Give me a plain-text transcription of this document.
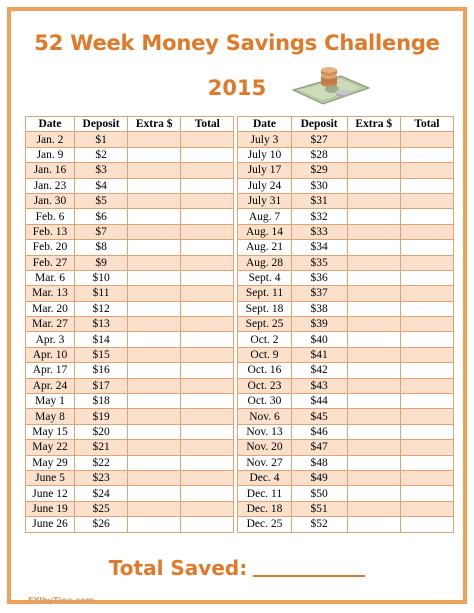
52 Week Money Savings Challenge
2015
Date	Deposit	Extra $	Total		Date	Deposit	Extra $	Total
Jan. 2	$1				July 3	$27		
Jan. 9	$2				July 10	$28		
Jan. 16	$3				July 17	$29		
Jan. 23	$4				July 24	$30		
Jan. 30	$5				July 31	$31		
Feb. 6	$6				Aug. 7	$32		
Feb. 13	$7				Aug. 14	$33		
Feb. 20	$8				Aug. 21	$34		
Feb. 27	$9				Aug. 28	$35		
Mar. 6	$10				Sept. 4	$36		
Mar. 13	$11				Sept. 11	$37		
Mar. 20	$12				Sept. 18	$38		
Mar. 27	$13				Sept. 25	$39		
Apr. 3	$14				Oct. 2	$40		
Apr. 10	$15				Oct. 9	$41		
Apr. 17	$16				Oct. 16	$42		
Apr. 24	$17				Oct. 23	$43		
May 1	$18				Oct. 30	$44		
May 8	$19				Nov. 6	$45		
May 15	$20				Nov. 13	$46		
May 22	$21				Nov. 20	$47		
May 29	$22				Nov. 27	$48		
June 5	$23				Dec. 4	$49		
June 12	$24				Dec. 11	$50		
June 19	$25				Dec. 18	$51		
June 26	$26				Dec. 25	$52		
Total Saved:
FYIbyTina.com
